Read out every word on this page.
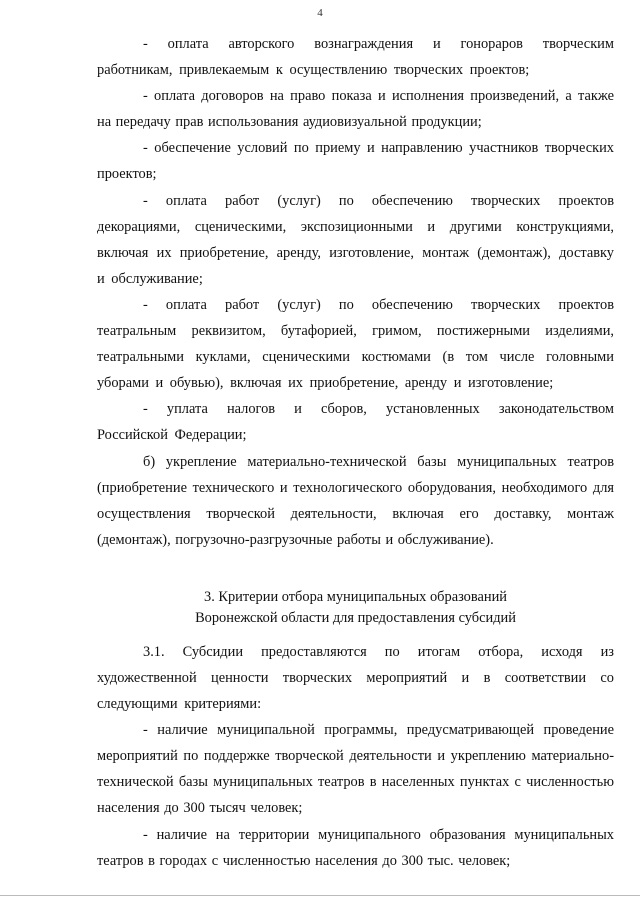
4

- оплата авторского вознаграждения и гонораров творческим работникам, привлекаемым к осуществлению творческих проектов;

- оплата договоров на право показа и исполнения произведений, а также на передачу прав использования аудиовизуальной продукции;

- обеспечение условий по приему и направлению участников творческих проектов;

- оплата работ (услуг) по обеспечению творческих проектов декорациями, сценическими, экспозиционными и другими конструкциями, включая их приобретение, аренду, изготовление, монтаж (демонтаж), доставку и обслуживание;

- оплата работ (услуг) по обеспечению творческих проектов театральным реквизитом, бутафорией, гримом, постижерными изделиями, театральными куклами, сценическими костюмами (в том числе головными уборами и обувью), включая их приобретение, аренду и изготовление;

- уплата налогов и сборов, установленных законодательством Российской Федерации;

б) укрепление материально-технической базы муниципальных театров (приобретение технического и технологического оборудования, необходимого для осуществления творческой деятельности, включая его доставку, монтаж (демонтаж), погрузочно-разгрузочные работы и обслуживание).

3. Критерии отбора муниципальных образований
Воронежской области для предоставления субсидий

3.1. Субсидии предоставляются по итогам отбора, исходя из художественной ценности творческих мероприятий и в соответствии со следующими критериями:

- наличие муниципальной программы, предусматривающей проведение мероприятий по поддержке творческой деятельности и укреплению материально-технической базы муниципальных театров в населенных пунктах с численностью населения до 300 тысяч человек;

- наличие на территории муниципального образования муниципальных театров в городах с численностью населения до 300 тыс. человек;
